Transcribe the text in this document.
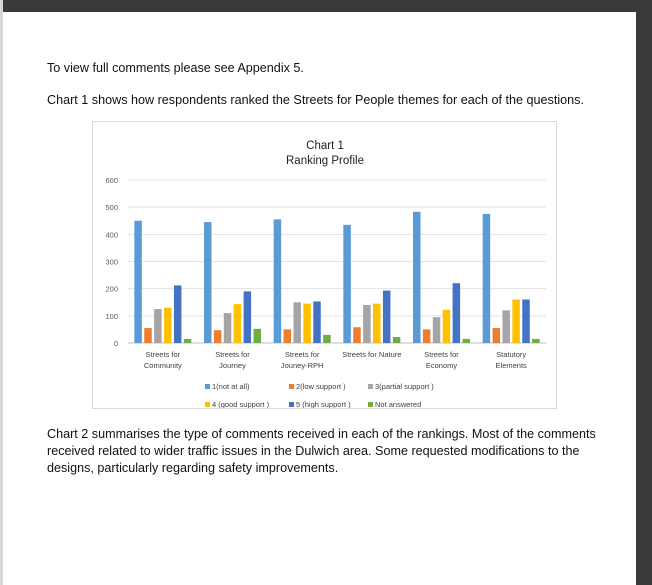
To view full comments please see Appendix 5.

Chart 1 shows how respondents ranked the Streets for People themes for each of the questions.

Chart 1
Ranking Profile
0
100
200
300
400
500
600
Streets for
Community
Streets for
Journey
Streets for
Jouney-RPH
Streets for Nature	Streets for
Economy
Statutory
Elements
1(not at all)	2(low support )	3(partial support )
4 (good support )	5 (high support )	Not answered

Chart 2 summarises the type of comments received in each of the rankings. Most of the comments received related to wider traffic issues in the Dulwich area. Some requested modifications to the designs, particularly regarding safety improvements.
